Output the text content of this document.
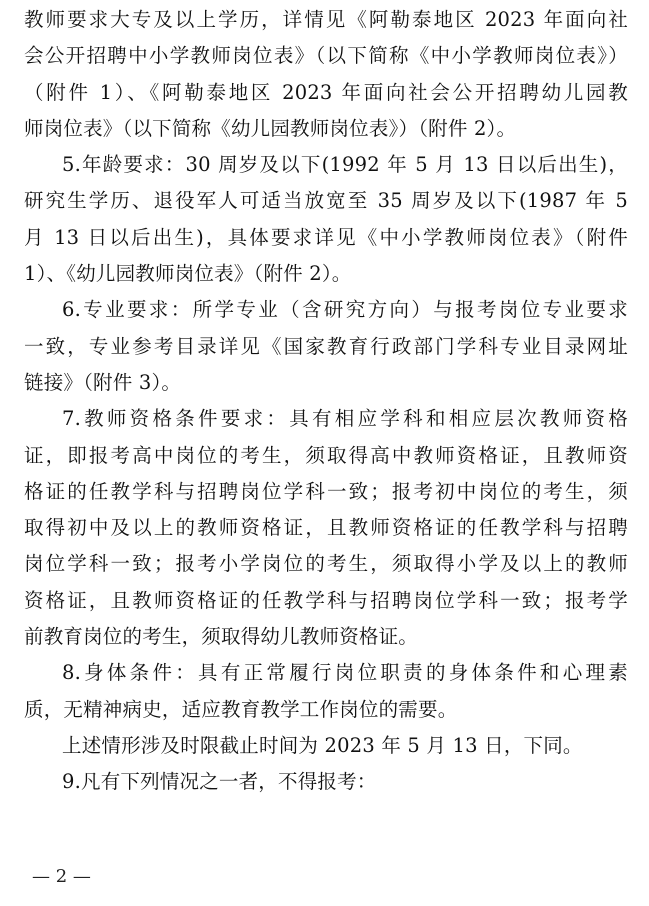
教师要求大专及以上学历，详情见《阿勒泰地区 2023 年面向社
会公开招聘中小学教师岗位表》（以下简称《中小学教师岗位表》）
（附件 1）、《阿勒泰地区 2023 年面向社会公开招聘幼儿园教
师岗位表》（以下简称《幼儿园教师岗位表》）（附件 2）。
5.年龄要求：30 周岁及以下(1992 年 5 月 13 日以后出生)，
研究生学历、退役军人可适当放宽至 35 周岁及以下(1987 年 5
月 13 日以后出生)，具体要求详见《中小学教师岗位表》（附件
1）、《幼儿园教师岗位表》（附件 2）。
6.专业要求：所学专业（含研究方向）与报考岗位专业要求
一致，专业参考目录详见《国家教育行政部门学科专业目录网址
链接》（附件 3）。
7.教师资格条件要求：具有相应学科和相应层次教师资格
证，即报考高中岗位的考生，须取得高中教师资格证，且教师资
格证的任教学科与招聘岗位学科一致；报考初中岗位的考生，须
取得初中及以上的教师资格证，且教师资格证的任教学科与招聘
岗位学科一致；报考小学岗位的考生，须取得小学及以上的教师
资格证，且教师资格证的任教学科与招聘岗位学科一致；报考学
前教育岗位的考生，须取得幼儿教师资格证。
8.身体条件：具有正常履行岗位职责的身体条件和心理素
质，无精神病史，适应教育教学工作岗位的需要。
上述情形涉及时限截止时间为 2023 年 5 月 13 日，下同。
9.凡有下列情况之一者，不得报考：
— 2 —
